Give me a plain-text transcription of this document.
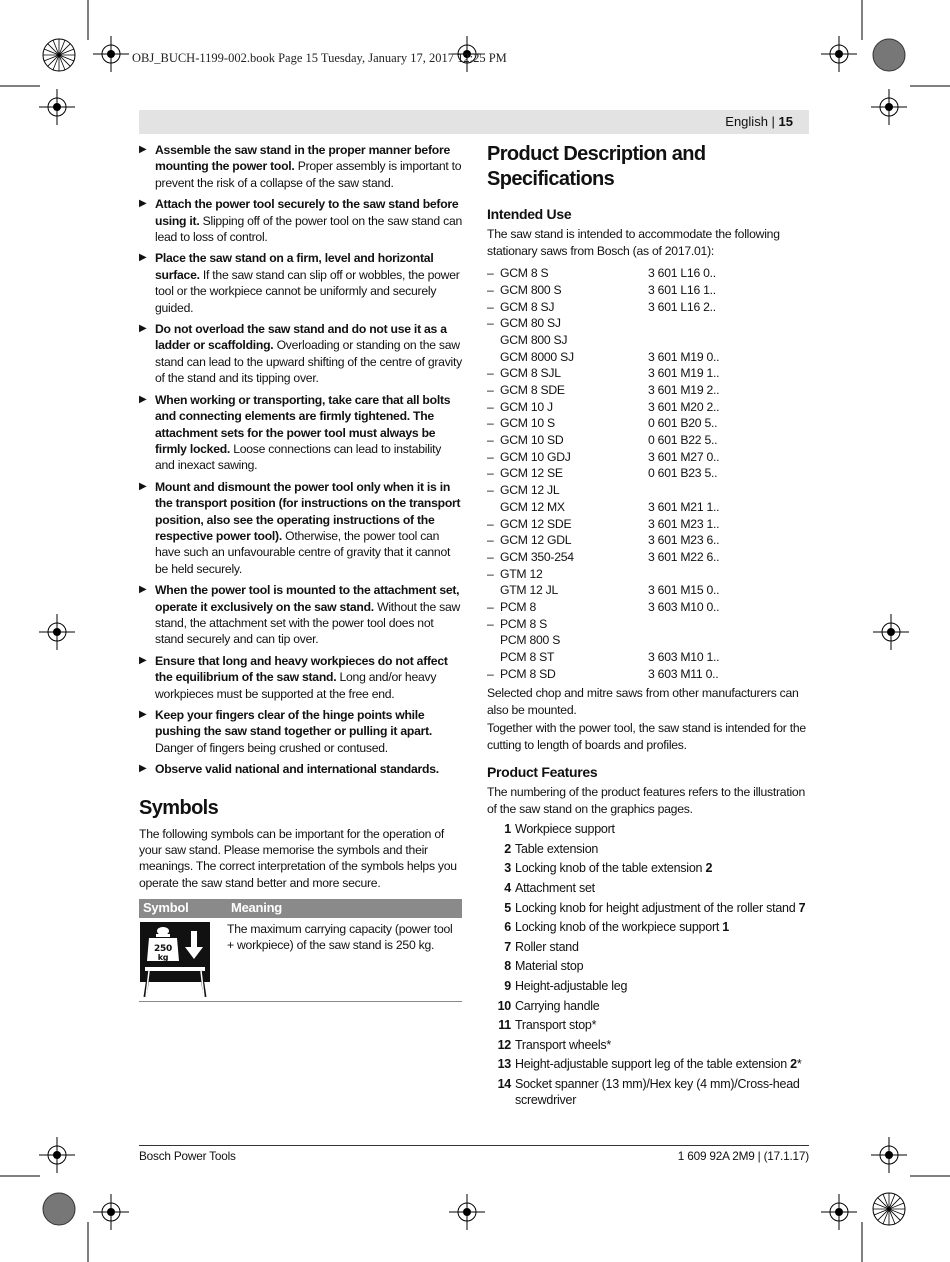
OBJ_BUCH-1199-002.book Page 15 Tuesday, January 17, 2017 12:25 PM
English | 15
▶ Assemble the saw stand in the proper manner before mounting the power tool. Proper assembly is important to prevent the risk of a collapse of the saw stand.
▶ Attach the power tool securely to the saw stand before using it. Slipping off of the power tool on the saw stand can lead to loss of control.
▶ Place the saw stand on a firm, level and horizontal surface. If the saw stand can slip off or wobbles, the power tool or the workpiece cannot be uniformly and securely guided.
▶ Do not overload the saw stand and do not use it as a ladder or scaffolding. Overloading or standing on the saw stand can lead to the upward shifting of the centre of gravity of the stand and its tipping over.
▶ When working or transporting, take care that all bolts and connecting elements are firmly tightened. The attachment sets for the power tool must always be firmly locked. Loose connections can lead to instability and inexact sawing.
▶ Mount and dismount the power tool only when it is in the transport position (for instructions on the transport position, also see the operating instructions of the respective power tool). Otherwise, the power tool can have such an unfavourable centre of gravity that it cannot be held securely.
▶ When the power tool is mounted to the attachment set, operate it exclusively on the saw stand. Without the saw stand, the attachment set with the power tool does not stand securely and can tip over.
▶ Ensure that long and heavy workpieces do not affect the equilibrium of the saw stand. Long and/or heavy workpieces must be supported at the free end.
▶ Keep your fingers clear of the hinge points while pushing the saw stand together or pulling it apart. Danger of fingers being crushed or contused.
▶ Observe valid national and international standards.
Symbols

The following symbols can be important for the operation of your saw stand. Please memorise the symbols and their meanings. The correct interpretation of the symbols helps you operate the saw stand better and more secure.

Symbol	Meaning

250
kg	The maximum carrying capacity (power tool + workpiece) of the saw stand is 250 kg.
Product Description and
Specifications
Intended Use

The saw stand is intended to accommodate the following stationary saws from Bosch (as of 2017.01):

– GCM 8 S	3 601 L16 0..
– GCM 800 S	3 601 L16 1..
– GCM 8 SJ	3 601 L16 2..
– GCM 80 SJ
GCM 800 SJ
GCM 8000 SJ	3 601 M19 0..
– GCM 8 SJL	3 601 M19 1..
– GCM 8 SDE	3 601 M19 2..
– GCM 10 J	3 601 M20 2..
– GCM 10 S	0 601 B20 5..
– GCM 10 SD	0 601 B22 5..
– GCM 10 GDJ	3 601 M27 0..
– GCM 12 SE	0 601 B23 5..
– GCM 12 JL
GCM 12 MX	3 601 M21 1..
– GCM 12 SDE	3 601 M23 1..
– GCM 12 GDL	3 601 M23 6..
– GCM 350-254	3 601 M22 6..
– GTM 12
GTM 12 JL	3 601 M15 0..
– PCM 8	3 603 M10 0..
– PCM 8 S
PCM 800 S
PCM 8 ST	3 603 M10 1..
– PCM 8 SD	3 603 M11 0..

Selected chop and mitre saws from other manufacturers can also be mounted.

Together with the power tool, the saw stand is intended for the cutting to length of boards and profiles.

Product Features

The numbering of the product features refers to the illustration of the saw stand on the graphics pages.

1 Workpiece support
2 Table extension
3 Locking knob of the table extension 2
4 Attachment set
5 Locking knob for height adjustment of the roller stand 7
6 Locking knob of the workpiece support 1
7 Roller stand
8 Material stop
9 Height-adjustable leg
10 Carrying handle
11 Transport stop*
12 Transport wheels*
13 Height-adjustable support leg of the table extension 2*
14 Socket spanner (13 mm)/Hex key (4 mm)/Cross-head screwdriver
Bosch Power Tools	1 609 92A 2M9 | (17.1.17)
